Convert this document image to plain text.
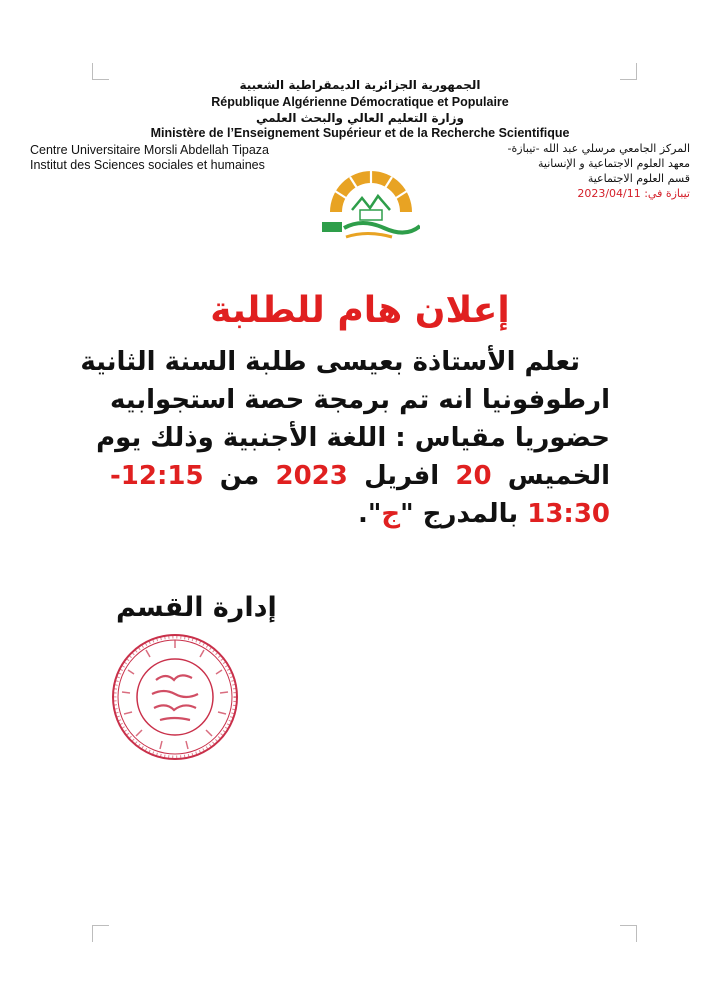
الجمهورية الجزائرية الديمقراطية الشعبية
République Algérienne Démocratique et Populaire
وزارة التعليم العالي والبحث العلمي
Ministère de l’Enseignement Supérieur et de la Recherche Scientifique
Centre Universitaire Morsli Abdellah Tipaza
Institut des Sciences sociales et humaines
المركز الجامعي مرسلي عبد الله -تيبازة-
معهد العلوم الاجتماعية و الإنسانية
قسم العلوم الاجتماعية
تيبازة في: 2023/04/11
إعلان هام للطلبة
تعلم الأستاذة بعيسى طلبة السنة الثانية
ارطوفونيا انه تم برمجة حصة استجوابيه
حضوريا مقياس : اللغة الأجنبية وذلك يوم
الخميس 20 افريل 2023 من 12:15-
13:30 بالمدرج "ج".
إدارة القسم
